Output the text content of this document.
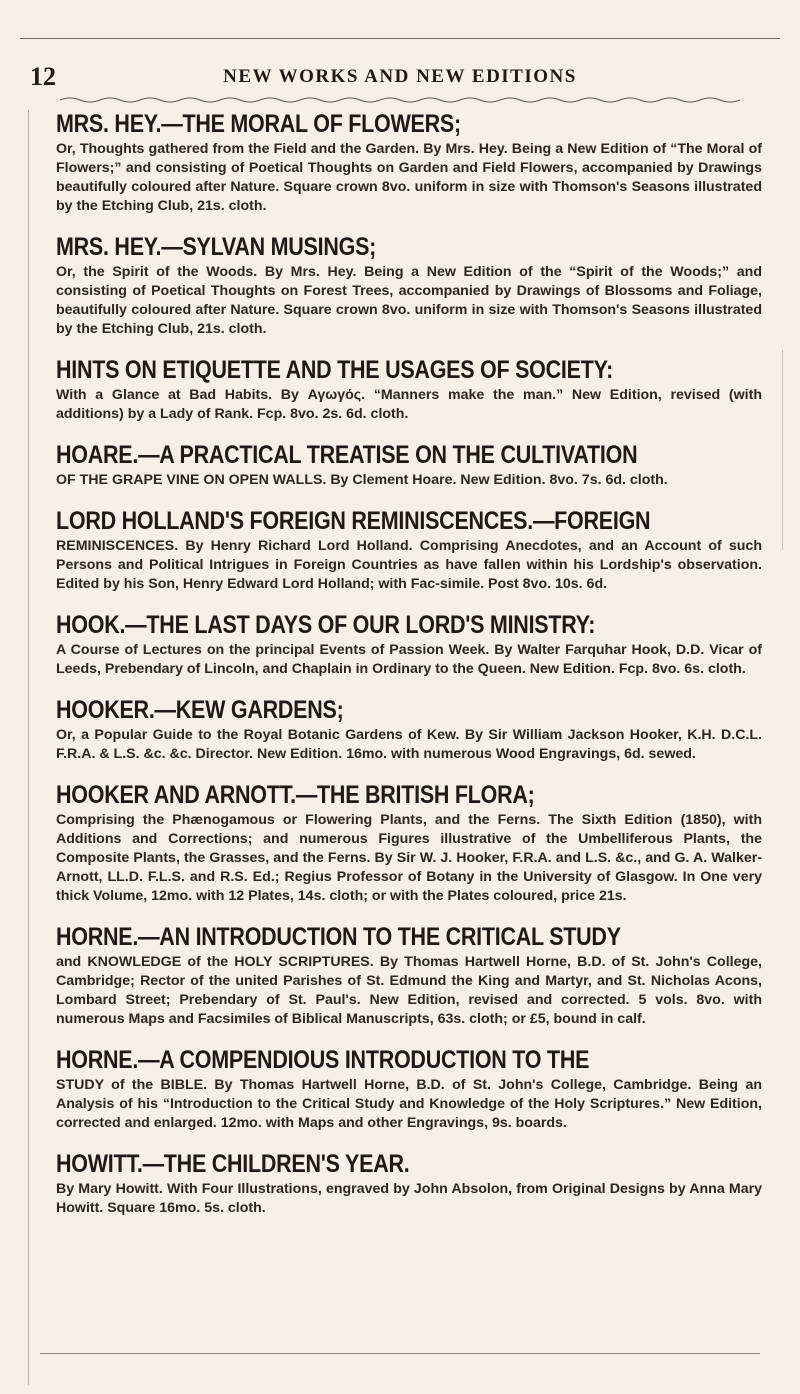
12	NEW WORKS AND NEW EDITIONS
MRS. HEY.—THE MORAL OF FLOWERS;
Or, Thoughts gathered from the Field and the Garden. By Mrs. Hey. Being a New Edition of “The Moral of Flowers;” and consisting of Poetical Thoughts on Garden and Field Flowers, accompanied by Drawings beautifully coloured after Nature. Square crown 8vo. uniform in size with Thomson's Seasons illustrated by the Etching Club, 21s. cloth.
MRS. HEY.—SYLVAN MUSINGS;
Or, the Spirit of the Woods. By Mrs. Hey. Being a New Edition of the “Spirit of the Woods;” and consisting of Poetical Thoughts on Forest Trees, accompanied by Drawings of Blossoms and Foliage, beautifully coloured after Nature. Square crown 8vo. uniform in size with Thomson's Seasons illustrated by the Etching Club, 21s. cloth.
HINTS ON ETIQUETTE AND THE USAGES OF SOCIETY:
With a Glance at Bad Habits. By Αγωγός. “Manners make the man.” New Edition, revised (with additions) by a Lady of Rank. Fcp. 8vo. 2s. 6d. cloth.
HOARE.—A PRACTICAL TREATISE ON THE CULTIVATION
OF THE GRAPE VINE ON OPEN WALLS. By Clement Hoare. New Edition. 8vo. 7s. 6d. cloth.
LORD HOLLAND'S FOREIGN REMINISCENCES.—FOREIGN
REMINISCENCES. By Henry Richard Lord Holland. Comprising Anecdotes, and an Account of such Persons and Political Intrigues in Foreign Countries as have fallen within his Lordship's observation. Edited by his Son, Henry Edward Lord Holland; with Fac-simile. Post 8vo. 10s. 6d.
HOOK.—THE LAST DAYS OF OUR LORD'S MINISTRY:
A Course of Lectures on the principal Events of Passion Week. By Walter Farquhar Hook, D.D. Vicar of Leeds, Prebendary of Lincoln, and Chaplain in Ordinary to the Queen. New Edition. Fcp. 8vo. 6s. cloth.
HOOKER.—KEW GARDENS;
Or, a Popular Guide to the Royal Botanic Gardens of Kew. By Sir William Jackson Hooker, K.H. D.C.L. F.R.A. & L.S. &c. &c. Director. New Edition. 16mo. with numerous Wood Engravings, 6d. sewed.
HOOKER AND ARNOTT.—THE BRITISH FLORA;
Comprising the Phænogamous or Flowering Plants, and the Ferns. The Sixth Edition (1850), with Additions and Corrections; and numerous Figures illustrative of the Umbelliferous Plants, the Composite Plants, the Grasses, and the Ferns. By Sir W. J. Hooker, F.R.A. and L.S. &c., and G. A. Walker-Arnott, LL.D. F.L.S. and R.S. Ed.; Regius Professor of Botany in the University of Glasgow. In One very thick Volume, 12mo. with 12 Plates, 14s. cloth; or with the Plates coloured, price 21s.
HORNE.—AN INTRODUCTION TO THE CRITICAL STUDY
and KNOWLEDGE of the HOLY SCRIPTURES. By Thomas Hartwell Horne, B.D. of St. John's College, Cambridge; Rector of the united Parishes of St. Edmund the King and Martyr, and St. Nicholas Acons, Lombard Street; Prebendary of St. Paul's. New Edition, revised and corrected. 5 vols. 8vo. with numerous Maps and Facsimiles of Biblical Manuscripts, 63s. cloth; or £5, bound in calf.
HORNE.—A COMPENDIOUS INTRODUCTION TO THE
STUDY of the BIBLE. By Thomas Hartwell Horne, B.D. of St. John's College, Cambridge. Being an Analysis of his “Introduction to the Critical Study and Knowledge of the Holy Scriptures.” New Edition, corrected and enlarged. 12mo. with Maps and other Engravings, 9s. boards.
HOWITT.—THE CHILDREN'S YEAR.
By Mary Howitt. With Four Illustrations, engraved by John Absolon, from Original Designs by Anna Mary Howitt. Square 16mo. 5s. cloth.
